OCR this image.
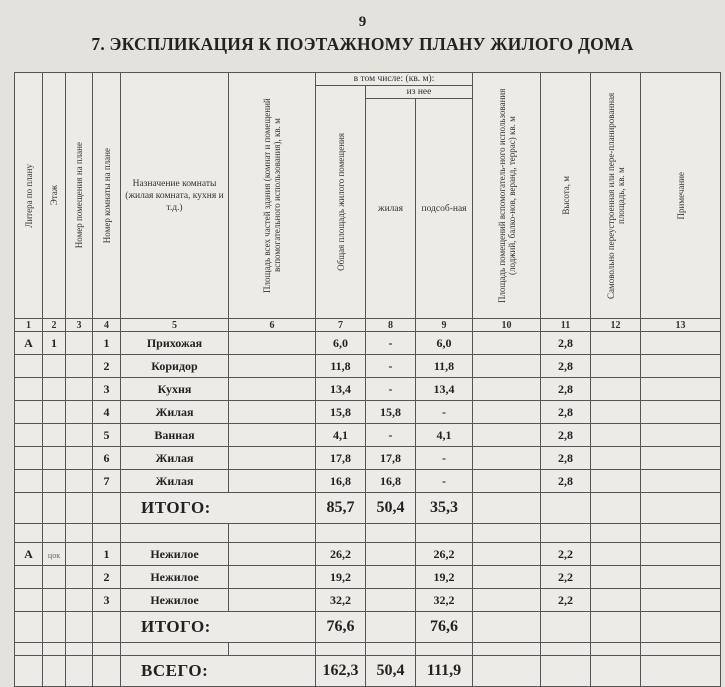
9
7. ЭКСПЛИКАЦИЯ К ПОЭТАЖНОМУ ПЛАНУ ЖИЛОГО ДОМА
Литера по плану	Этаж	Номер помещения на плане	Номер комнаты на плане	Назначение комнаты (жилая комната, кухня и т.д.)	Площадь всех частей здания (комнат и помещений вспомогательного использования), кв. м	в том числе: (кв. м):			Площадь помещений вспомогатель-ного использования (лоджий, балко-нов, веранд, террас) кв. м	Высота, м	Самовольно переустроенная или пере-планированная площадь, кв. м	Примечание

						Общая площадь жилого помещения	из нее					

							жилая	подсоб-ная				

1	2	3	4	5	6	7	8	9	10	11	12	13
А	1		1	Прихожая		6,0	-	6,0		2,8		
			2	Коридор		11,8	-	11,8		2,8		
			3	Кухня		13,4	-	13,4		2,8		
			4	Жилая		15,8	15,8	-		2,8		
			5	Ванная		4,1	-	4,1		2,8		
			6	Жилая		17,8	17,8	-		2,8		
			7	Жилая		16,8	16,8	-		2,8		
				ИТОГО:		85,7	50,4	35,3				

А	цок		1	Нежилое		26,2		26,2		2,2		
			2	Нежилое		19,2		19,2		2,2		
			3	Нежилое		32,2		32,2		2,2		
				ИТОГО:		76,6		76,6				

				ВСЕГО:		162,3	50,4	111,9				
